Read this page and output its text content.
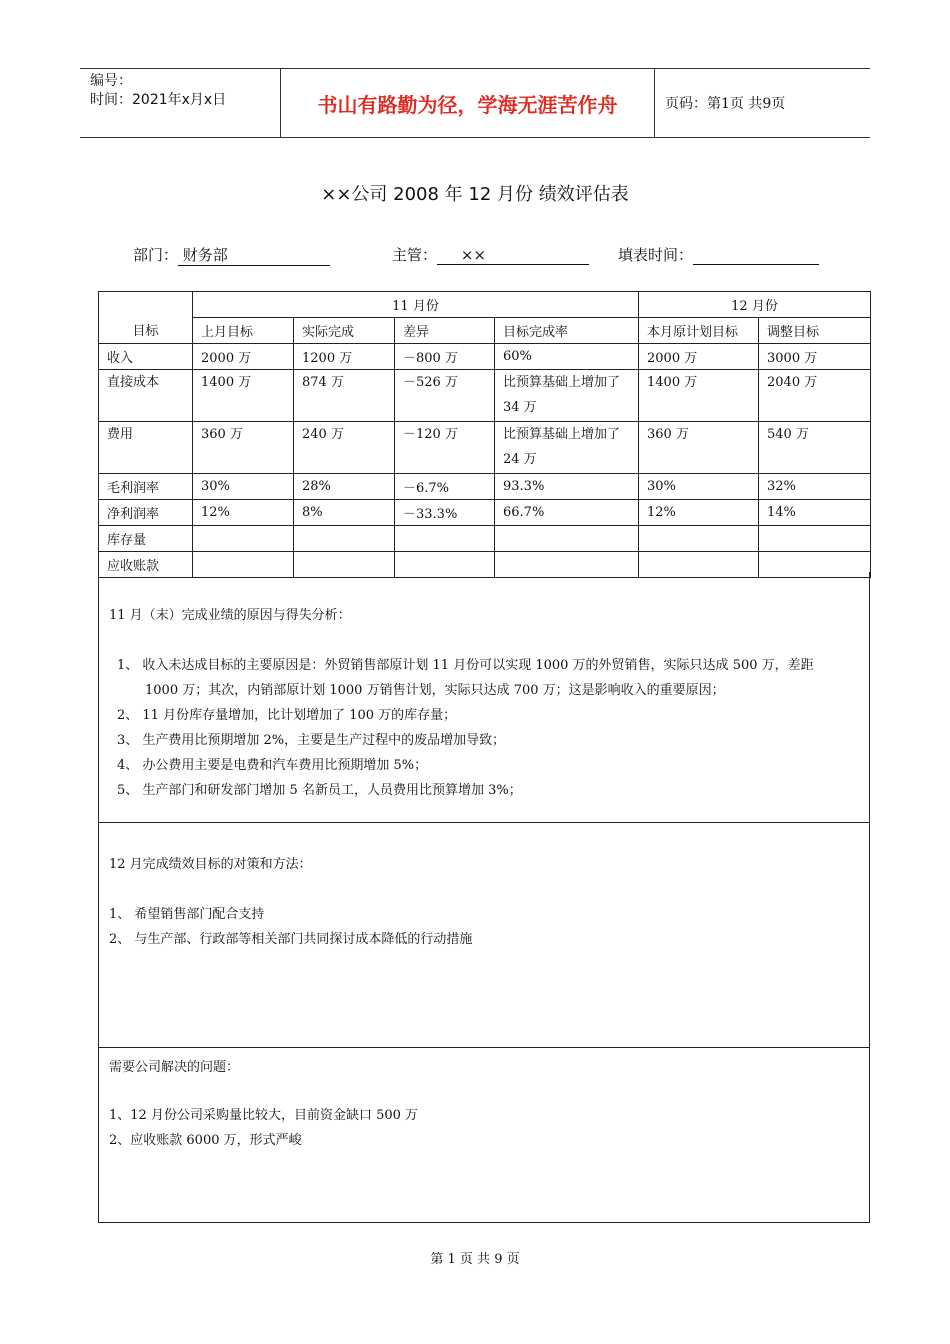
编号：
时间：2021年x月x日	书山有路勤为径，学海无涯苦作舟	页码：第1页 共9页
××公司 2008 年 12 月份 绩效评估表
部门： 财务部	主管： ××	填表时间：
目标	11 月份				12 月份	
	上月目标	实际完成	差异	目标完成率	本月原计划目标	调整目标
收入	2000 万	1200 万	－800 万	60%	2000 万	3000 万
直接成本	1400 万	874 万	－526 万	比预算基础上增加了 34 万	1400 万	2040 万
费用	360 万	240 万	－120 万	比预算基础上增加了 24 万	360 万	540 万
毛利润率	30%	28%	－6.7%	93.3%	30%	32%
净利润率	12%	8%	－33.3%	66.7%	12%	14%
库存量						
应收账款						

11 月（末）完成业绩的原因与得失分析：

1、 收入未达成目标的主要原因是：外贸销售部原计划 11 月份可以实现 1000 万的外贸销售，实际只达成 500 万，差距

1000 万；其次，内销部原计划 1000 万销售计划，实际只达成 700 万；这是影响收入的重要原因；

2、 11 月份库存量增加，比计划增加了 100 万的库存量；

3、 生产费用比预期增加 2%，主要是生产过程中的废品增加导致；

4、 办公费用主要是电费和汽车费用比预期增加 5%；

5、 生产部门和研发部门增加 5 名新员工，人员费用比预算增加 3%；

12 月完成绩效目标的对策和方法：

1、 希望销售部门配合支持

2、 与生产部、行政部等相关部门共同探讨成本降低的行动措施

需要公司解决的问题：

1、12 月份公司采购量比较大，目前资金缺口 500 万

2、应收账款 6000 万，形式严峻

第 1 页 共 9 页
